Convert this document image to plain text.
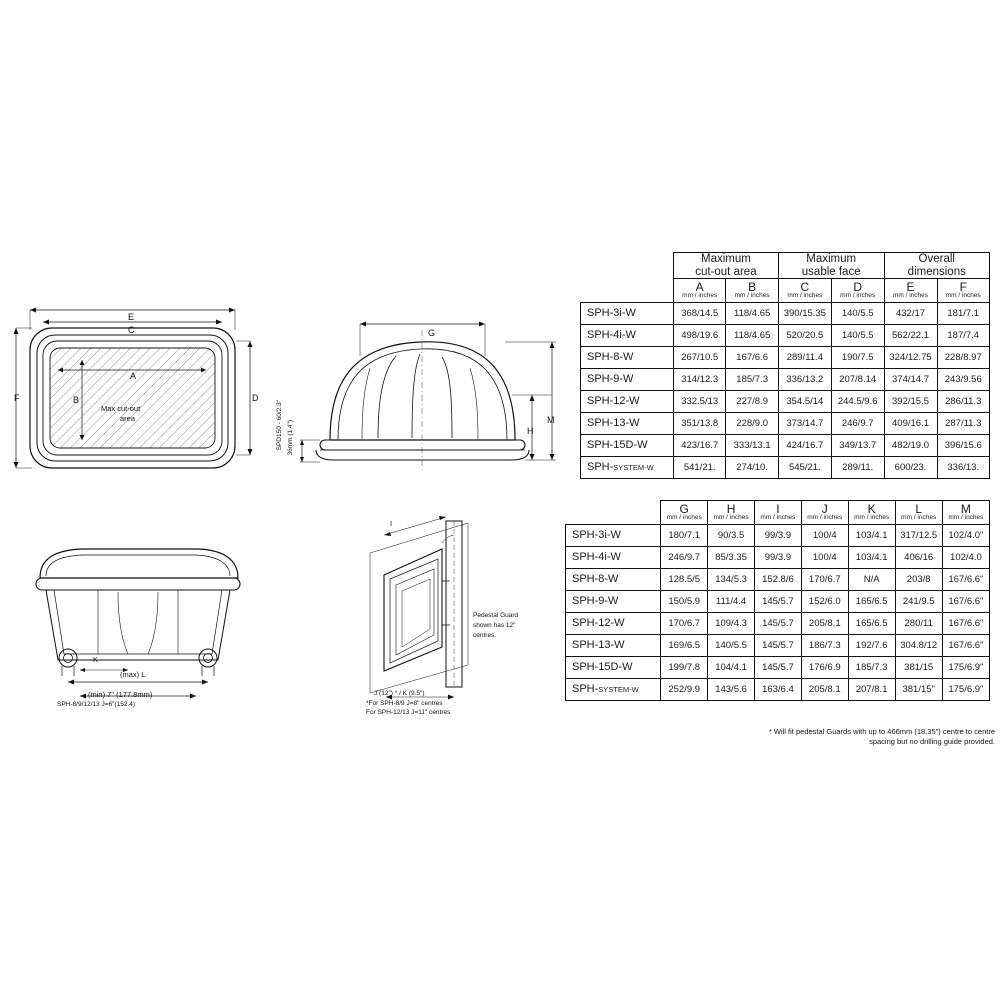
E
C
A
B	D
F
Max cut-out
area
G
M
H
36mm (1.4")
SPD150 - 60/2.3"
K
(max) L
(min) 7" (177.8mm)
SPH-8/9/12/13 J=6"(152.4)
I
Pedestal Guard
shown has 12"
centres.
J (12") * / K (9.5")
*For SPH-8/9 J=8" centres
For SPH-12/13 J=11" centres
	Maximum
cut-out area		Maximum
usable face		Overall
dimensions	

A
mm / inches

B
mm / inches

C
mm / inches

D
mm / inches

E
mm / inches

F
mm / inches

SPH-3i-W	368/14.5	118/4.65	390/15.35	140/5.5	432/17	181/7.1
SPH-4i-W	498/19.6	118/4.65	520/20.5	140/5.5	562/22.1	187/7.4
SPH-8-W	267/10.5	167/6.6	289/11.4	190/7.5	324/12.75	228/8.97
SPH-9-W	314/12.3	185/7.3	336/13.2	207/8.14	374/14.7	243/9.56
SPH-12-W	332.5/13	227/8.9	354.5/14	244.5/9.6	392/15.5	286/11.3
SPH-13-W	351/13.8	228/9.0	373/14.7	246/9.7	409/16.1	287/11.3
SPH-15D-W	423/16.7	333/13.1	424/16.7	349/13.7	482/19.0	396/15.6
SPH-SYSTEM-W	541/21.	274/10.	545/21.	289/11.	600/23.	336/13.

G
mm / inches

H
mm / inches

I
mm / inches

J
mm / inches

K
mm / inches

L
mm / inches

M
mm / inches

SPH-3i-W	180/7.1	90/3.5	99/3.9	100/4	103/4.1	317/12.5	102/4.0"
SPH-4i-W	246/9.7	85/3.35	99/3.9	100/4	103/4.1	406/16	102/4.0
SPH-8-W	128.5/5	134/5.3	152.8/6	170/6.7	N/A	203/8	167/6.6"
SPH-9-W	150/5.9	111/4.4	145/5.7	152/6.0	165/6.5	241/9.5	167/6.6"
SPH-12-W	170/6.7	109/4.3	145/5.7	205/8.1	165/6.5	280/11	167/6.6"
SPH-13-W	169/6.5	140/5.5	145/5.7	186/7.3	192/7.6	304.8/12	167/6.6"
SPH-15D-W	199/7.8	104/4.1	145/5.7	176/6.9	185/7.3	381/15	175/6.9"
SPH-SYSTEM-W	252/9.9	143/5.6	163/6.4	205/8.1	207/8.1	381/15"	175/6.9"
* Will fit pedestal Guards with up to 466mm (18.35") centre to centre spacing but no drilling guide provided.
